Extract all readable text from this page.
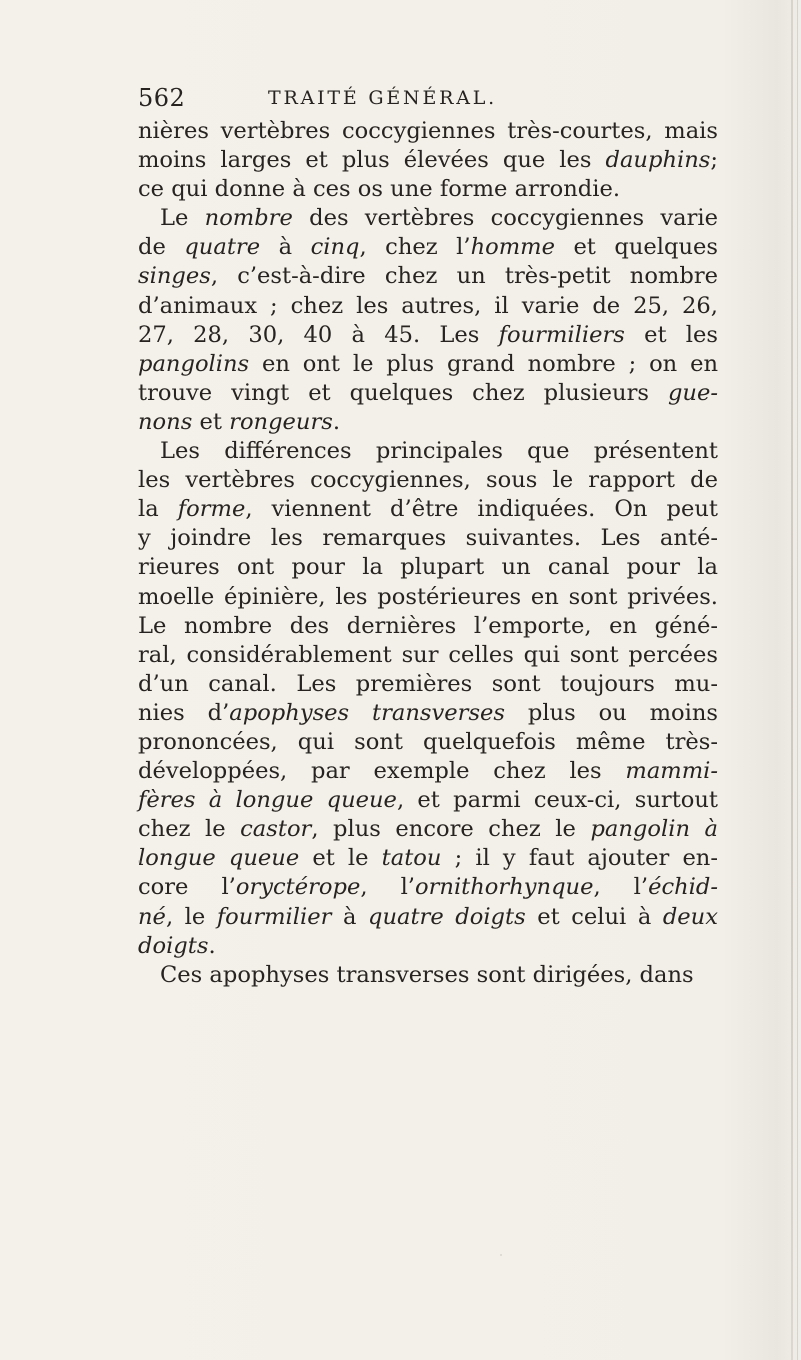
562	TRAITÉ GÉNÉRAL.
nières vertèbres coccygiennes très-courtes, mais
moins larges et plus élevées que les dauphins;
ce qui donne à ces os une forme arrondie.
Le nombre des vertèbres coccygiennes varie
de quatre à cinq, chez l’homme et quelques
singes, c’est-à-dire chez un très-petit nombre
d’animaux ; chez les autres, il varie de 25, 26,
27, 28, 30, 40 à 45. Les fourmiliers et les
pangolins en ont le plus grand nombre ; on en
trouve vingt et quelques chez plusieurs gue-
nons et rongeurs.
Les différences principales que présentent
les vertèbres coccygiennes, sous le rapport de
la forme, viennent d’être indiquées. On peut
y joindre les remarques suivantes. Les anté-
rieures ont pour la plupart un canal pour la
moelle épinière, les postérieures en sont privées.
Le nombre des dernières l’emporte, en géné-
ral, considérablement sur celles qui sont percées
d’un canal. Les premières sont toujours mu-
nies d’apophyses transverses plus ou moins
prononcées, qui sont quelquefois même très-
développées, par exemple chez les mammi-
fères à longue queue, et parmi ceux-ci, surtout
chez le castor, plus encore chez le pangolin à
longue queue et le tatou ; il y faut ajouter en-
core l’oryctérope, l’ornithorhynque, l’échid-
né, le fourmilier à quatre doigts et celui à deux
doigts.
Ces apophyses transverses sont dirigées, dans
